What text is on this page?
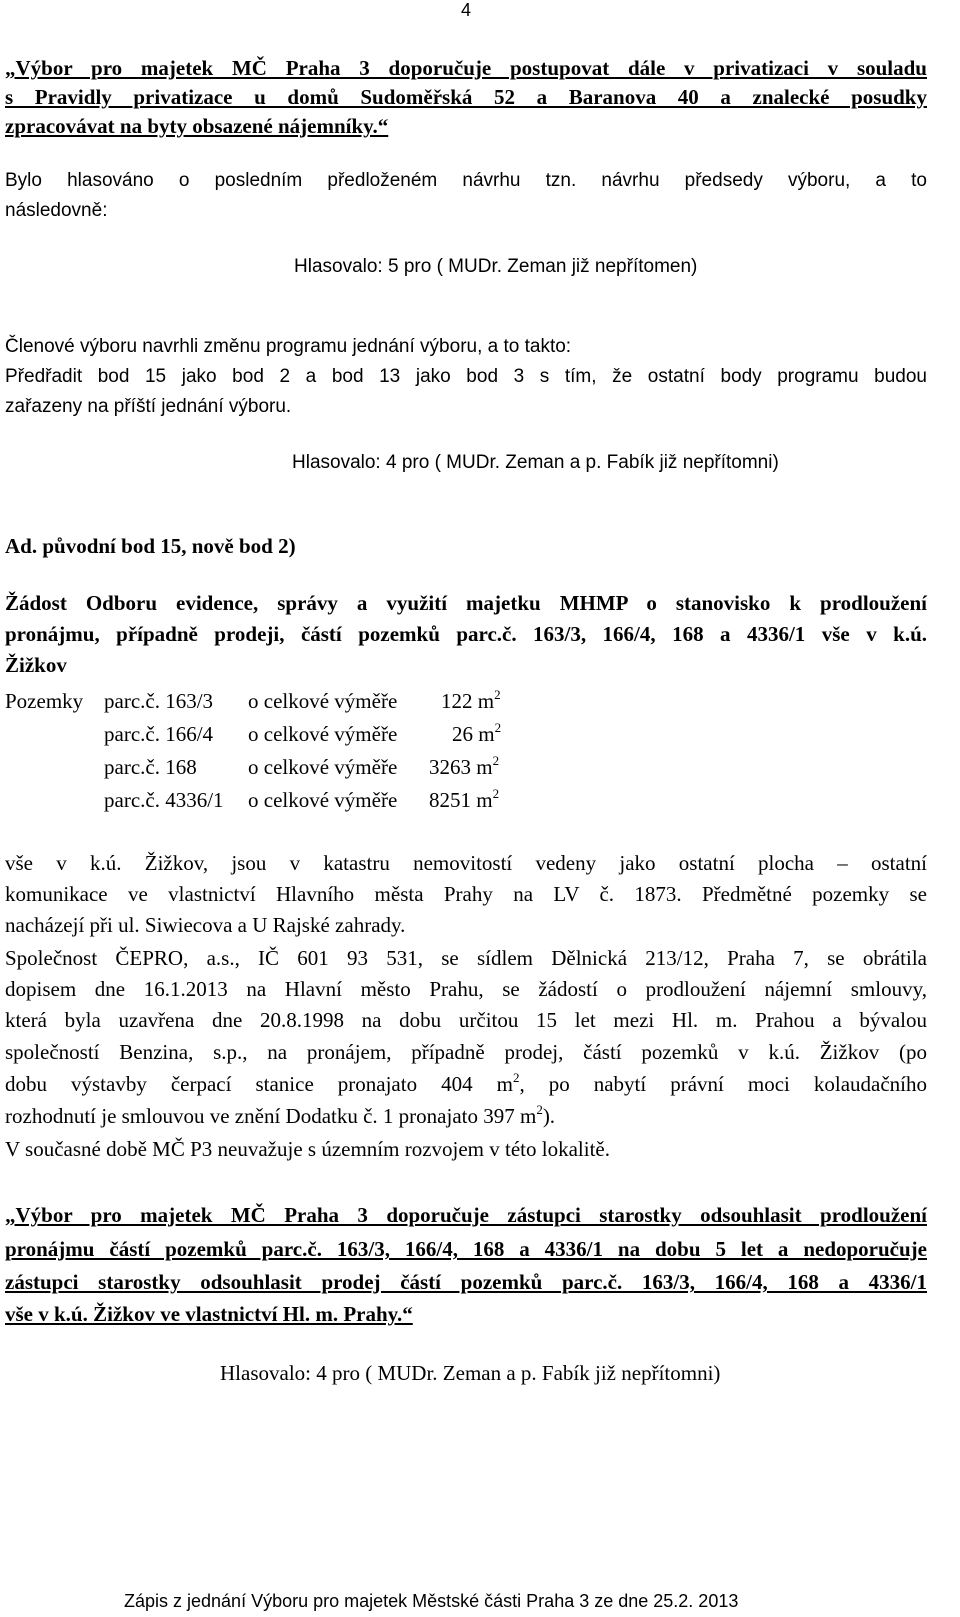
4
„Výbor pro majetek MČ Praha 3 doporučuje postupovat dále v privatizaci v souladu
s Pravidly privatizace u domů Sudoměřská 52 a Baranova 40 a znalecké posudky
zpracovávat na byty obsazené nájemníky.“
Bylo hlasováno o posledním předloženém návrhu tzn. návrhu předsedy výboru, a to
následovně:
Hlasovalo: 5 pro ( MUDr. Zeman již nepřítomen)
Členové výboru navrhli změnu programu jednání výboru, a to takto:
Předřadit bod 15 jako bod 2 a bod 13 jako bod 3 s tím, že ostatní body programu budou
zařazeny na příští jednání výboru.
Hlasovalo: 4 pro ( MUDr. Zeman a p. Fabík již nepřítomni)
Ad. původní bod 15, nově bod 2)
Žádost Odboru evidence, správy a využití majetku MHMP o stanovisko k prodloužení
pronájmu, případně prodeji, částí pozemků parc.č. 163/3, 166/4, 168 a 4336/1 vše v k.ú.
Žižkov
Pozemky parc.č. 163/3 o celkové výměře 122 $m^2$
parc.č. 166/4 o celkové výměře	26 $m^2$
parc.č. 168 o celkové výměře 3263 $m^2$
parc.č. 4336/1 o celkové výměře 8251 $m^2$
vše v k.ú. Žižkov, jsou v katastru nemovitostí vedeny jako ostatní plocha – ostatní
komunikace ve vlastnictví Hlavního města Prahy na LV č. 1873. Předmětné pozemky se
nacházejí při ul. Siwiecova a U Rajské zahrady.
Společnost ČEPRO, a.s., IČ 601 93 531, se sídlem Dělnická 213/12, Praha 7, se obrátila
dopisem dne 16.1.2013 na Hlavní město Prahu, se žádostí o prodloužení nájemní smlouvy,
která byla uzavřena dne 20.8.1998 na dobu určitou 15 let mezi Hl. m. Prahou a bývalou
společností Benzina, s.p., na pronájem, případně prodej, částí pozemků v k.ú. Žižkov (po
dobu výstavby čerpací stanice pronajato 404 $m^2$, po nabytí právní moci kolaudačního
rozhodnutí je smlouvou ve znění Dodatku č. 1 pronajato 397 $m^2$).
V současné době MČ P3 neuvažuje s územním rozvojem v této lokalitě.
„Výbor pro majetek MČ Praha 3 doporučuje zástupci starostky odsouhlasit prodloužení
pronájmu částí pozemků parc.č. 163/3, 166/4, 168 a 4336/1 na dobu 5 let a nedoporučuje
zástupci starostky odsouhlasit prodej částí pozemků parc.č. 163/3, 166/4, 168 a 4336/1
vše v k.ú. Žižkov ve vlastnictví Hl. m. Prahy.“
Hlasovalo: 4 pro ( MUDr. Zeman a p. Fabík již nepřítomni)
Zápis z jednání Výboru pro majetek Městské části Praha 3 ze dne 25.2. 2013
